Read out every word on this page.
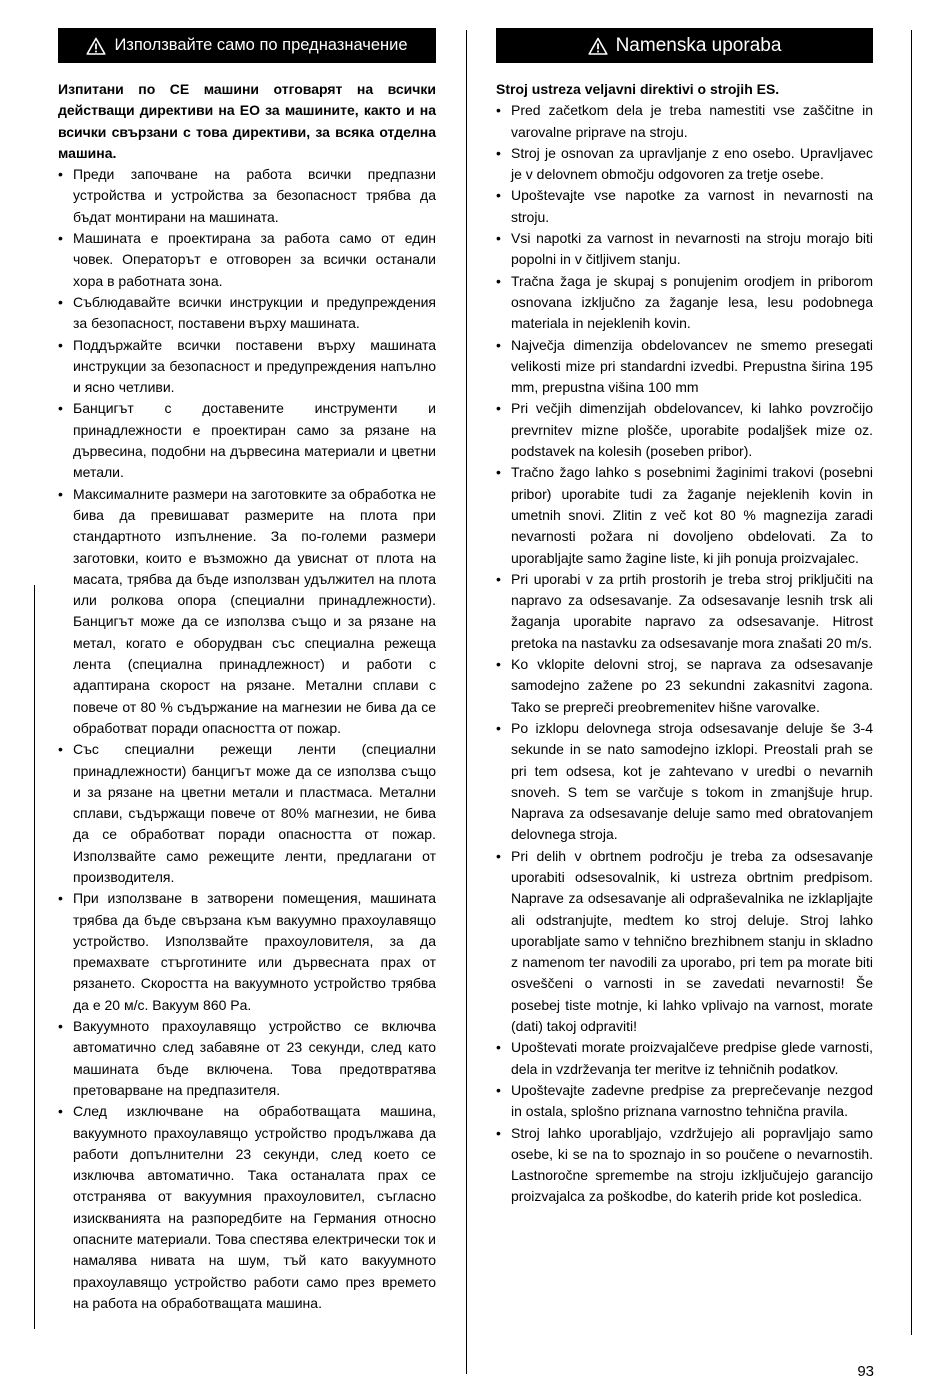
Използвайте само по предназначение

Изпитани по CE машини отговарят на всички действащи директиви на ЕО за машините, както и на всички свързани с това директиви, за всяка отделна машина.

• Преди започване на работа всички предпазни устройства и устройства за безопасност трябва да бъдат монтирани на машината.
• Машината е проектирана за работа само от един човек. Операторът е отговорен за всички останали хора в работната зона.
• Съблюдавайте всички инструкции и предупреждения за безопасност, поставени върху машината.
• Поддържайте всички поставени върху машината инструкции за безопасност и предупреждения напълно и ясно четливи.
• Банцигът с доставените инструменти и принадлежности е проектиран само за рязане на дървесина, подобни на дървесина материали и цветни метали.
• Максималните размери на заготовките за обработка не бива да превишават размерите на плота при стандартното изпълнение. За по-големи размери заготовки, които е възможно да увиснат от плота на масата, трябва да бъде използван удължител на плота или ролкова опора (специални принадлежности). Банцигът може да се използва също и за рязане на метал, когато е оборудван със специална режеща лента (специална принадлежност) и работи с адаптирана скорост на рязане. Метални сплави с повече от 80 % съдържание на магнезии не бива да се обработват поради опасността от пожар.
• Със специални режещи ленти (специални принадлежности) банцигът може да се използва също и за рязане на цветни метали и пластмаса. Метални сплави, съдържащи повече от 80% магнезии, не бива да се обработват поради опасността от пожар. Използвайте само режещите ленти, предлагани от производителя.
• При използване в затворени помещения, машината трябва да бъде свързана към вакуумно прахоулавящо устройство. Използвайте прахоуловителя, за да премахвате стърготините или дървесната прах от рязането. Скоростта на вакуумното устройство трябва да е 20 м/с. Вакуум 860 Pa.
• Вакуумното прахоулавящо устройство се включва автоматично след забавяне от 23 секунди, след като машината бъде включена. Това предотвратява претоварване на предпазителя.
• След изключване на обработващата машина, вакуумното прахоулавящо устройство продължава да работи допълнителни 23 секунди, след което се изключва автоматично. Така останалата прах се отстранява от вакуумния прахоуловител, съгласно изискванията на разпоредбите на Германия относно опасните материали. Това спестява електрически ток и намалява нивата на шум, тъй като вакуумното прахоулавящо устройство работи само през времето на работа на обработващата машина.
Namenska uporaba

Stroj ustreza veljavni direktivi o strojih ES.

• Pred začetkom dela je treba namestiti vse zaščitne in varovalne priprave na stroju.
• Stroj je osnovan za upravljanje z eno osebo. Upravljavec je v delovnem območju odgovoren za tretje osebe.
• Upoštevajte vse napotke za varnost in nevarnosti na stroju.
• Vsi napotki za varnost in nevarnosti na stroju morajo biti popolni in v čitljivem stanju.
• Tračna žaga je skupaj s ponujenim orodjem in priborom osnovana izključno za žaganje lesa, lesu podobnega materiala in nejeklenih kovin.
• Največja dimenzija obdelovancev ne smemo presegati velikosti mize pri standardni izvedbi. Prepustna širina 195 mm, prepustna višina 100 mm
• Pri večjih dimenzijah obdelovancev, ki lahko povzročijo prevrnitev mizne plošče, uporabite podaljšek mize oz. podstavek na kolesih (poseben pribor).
• Tračno žago lahko s posebnimi žaginimi trakovi (posebni pribor) uporabite tudi za žaganje nejeklenih kovin in umetnih snovi. Zlitin z več kot 80 % magnezija zaradi nevarnosti požara ni dovoljeno obdelovati. Za to uporabljajte samo žagine liste, ki jih ponuja proizvajalec.
• Pri uporabi v za prtih prostorih je treba stroj priključiti na napravo za odsesavanje. Za odsesavanje lesnih trsk ali žaganja uporabite napravo za odsesavanje. Hitrost pretoka na nastavku za odsesavanje mora znašati 20 m/s.
• Ko vklopite delovni stroj, se naprava za odsesavanje samodejno zažene po 23 sekundni zakasnitvi zagona. Tako se prepreči preobremenitev hišne varovalke.
• Po izklopu delovnega stroja odsesavanje deluje še 3-4 sekunde in se nato samodejno izklopi. Preostali prah se pri tem odsesa, kot je zahtevano v uredbi o nevarnih snoveh. S tem se varčuje s tokom in zmanjšuje hrup. Naprava za odsesavanje deluje samo med obratovanjem delovnega stroja.
• Pri delih v obrtnem področju je treba za odsesavanje uporabiti odsesovalnik, ki ustreza obrtnim predpisom. Naprave za odsesavanje ali odpraševalnika ne izklapljajte ali odstranjujte, medtem ko stroj deluje. Stroj lahko uporabljate samo v tehnično brezhibnem stanju in skladno z namenom ter navodili za uporabo, pri tem pa morate biti osveščeni o varnosti in se zavedati nevarnosti! Še posebej tiste motnje, ki lahko vplivajo na varnost, morate (dati) takoj odpraviti!
• Upoštevati morate proizvajalčeve predpise glede varnosti, dela in vzdrževanja ter meritve iz tehničnih podatkov.
• Upoštevajte zadevne predpise za preprečevanje nezgod in ostala, splošno priznana varnostno tehnična pravila.
• Stroj lahko uporabljajo, vzdržujejo ali popravljajo samo osebe, ki se na to spoznajo in so poučene o nevarnostih. Lastnoročne spremembe na stroju izključujejo garancijo proizvajalca za poškodbe, do katerih pride kot posledica.
93
